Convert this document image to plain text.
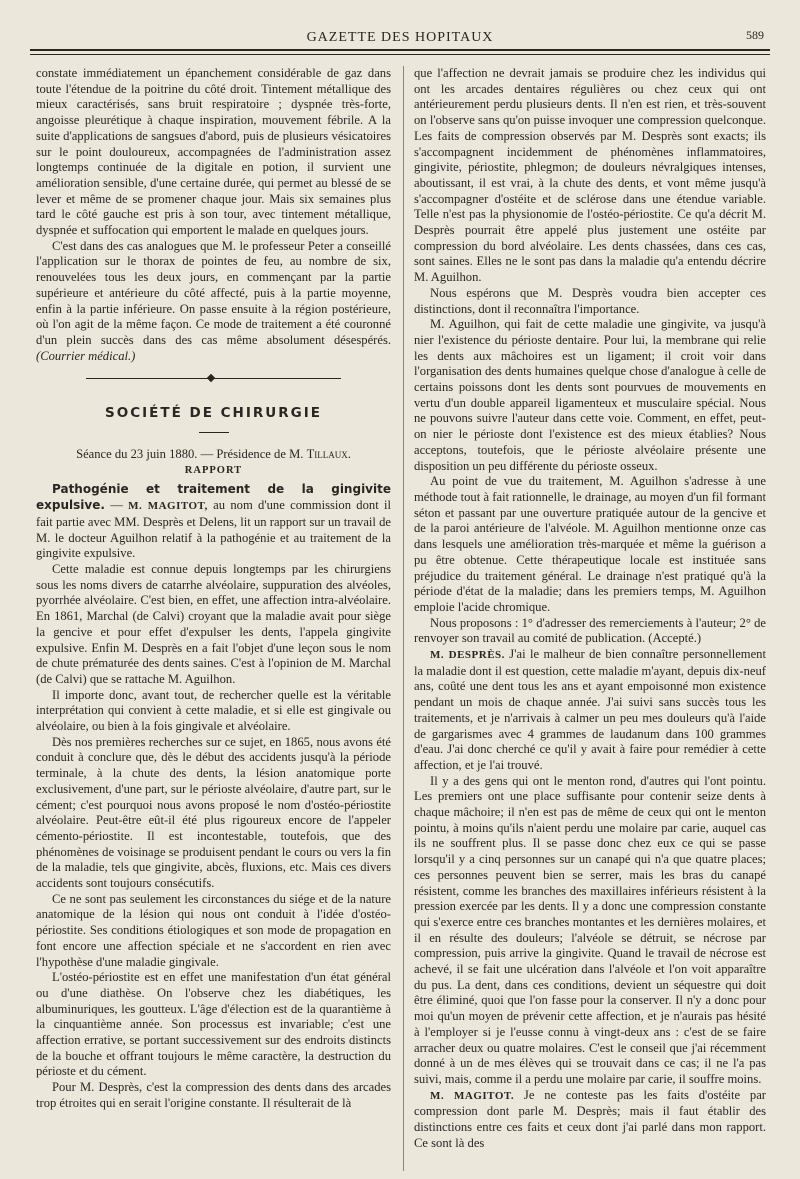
GAZETTE DES HOPITAUX	589

constate immédiatement un épanchement considérable de gaz dans toute l'étendue de la poitrine du côté droit. Tintement métallique des mieux caractérisés, sans bruit respiratoire ; dyspnée très-forte, angoisse pleurétique à chaque inspiration, mouvement fébrile. A la suite d'applications de sangsues d'abord, puis de plusieurs vésicatoires sur le point douloureux, accompagnées de l'administration assez longtemps continuée de la digitale en potion, il survient une amélioration sensible, d'une certaine durée, qui permet au blessé de se lever et même de se promener chaque jour. Mais six semaines plus tard le côté gauche est pris à son tour, avec tintement métallique, dyspnée et suffocation qui emportent le malade en quelques jours.

C'est dans des cas analogues que M. le professeur Peter a conseillé l'application sur le thorax de pointes de feu, au nombre de six, renouvelées tous les deux jours, en commençant par la partie supérieure et antérieure du côté affecté, puis à la partie moyenne, enfin à la partie inférieure. On passe ensuite à la région postérieure, où l'on agit de la même façon. Ce mode de traitement a été couronné d'un plein succès dans des cas même absolument désespérés. (Courrier médical.)

SOCIÉTÉ DE CHIRURGIE

Séance du 23 juin 1880. — Présidence de M. Tillaux.

RAPPORT

Pathogénie et traitement de la gingivite expulsive. — M. MAGITOT, au nom d'une commission dont il fait partie avec MM. Desprès et Delens, lit un rapport sur un travail de M. le docteur Aguilhon relatif à la pathogénie et au traitement de la gingivite expulsive.

Cette maladie est connue depuis longtemps par les chirurgiens sous les noms divers de catarrhe alvéolaire, suppuration des alvéoles, pyorrhée alvéolaire. C'est bien, en effet, une affection intra-alvéolaire. En 1861, Marchal (de Calvi) croyant que la maladie avait pour siège la gencive et pour effet d'expulser les dents, l'appela gingivite expulsive. Enfin M. Desprès en a fait l'objet d'une leçon sous le nom de chute prématurée des dents saines. C'est à l'opinion de M. Marchal (de Calvi) que se rattache M. Aguilhon.

Il importe donc, avant tout, de rechercher quelle est la véritable interprétation qui convient à cette maladie, et si elle est gingivale ou alvéolaire, ou bien à la fois gingivale et alvéolaire.

Dès nos premières recherches sur ce sujet, en 1865, nous avons été conduit à conclure que, dès le début des accidents jusqu'à la période terminale, à la chute des dents, la lésion anatomique porte exclusivement, d'une part, sur le périoste alvéolaire, d'autre part, sur le cément; c'est pourquoi nous avons proposé le nom d'ostéo-périostite alvéolaire. Peut-être eût-il été plus rigoureux encore de l'appeler cémento-périostite. Il est incontestable, toutefois, que des phénomènes de voisinage se produisent pendant le cours ou vers la fin de la maladie, tels que gingivite, abcès, fluxions, etc. Mais ces divers accidents sont toujours consécutifs.

Ce ne sont pas seulement les circonstances du siége et de la nature anatomique de la lésion qui nous ont conduit à l'idée d'ostéo-périostite. Ses conditions étiologiques et son mode de propagation en font encore une affection spéciale et ne s'accordent en rien avec l'hypothèse d'une maladie gingivale.

L'ostéo-périostite est en effet une manifestation d'un état général ou d'une diathèse. On l'observe chez les diabétiques, les albuminuriques, les goutteux. L'âge d'élection est de la quarantième à la cinquantième année. Son processus est invariable; c'est une affection errative, se portant successivement sur des endroits distincts de la bouche et offrant toujours le même caractère, la destruction du périoste et du cément.

Pour M. Desprès, c'est la compression des dents dans des arcades trop étroites qui en serait l'origine constante. Il résulterait de là

que l'affection ne devrait jamais se produire chez les individus qui ont les arcades dentaires régulières ou chez ceux qui ont antérieurement perdu plusieurs dents. Il n'en est rien, et très-souvent on l'observe sans qu'on puisse invoquer une compression quelconque. Les faits de compression observés par M. Desprès sont exacts; ils s'accompagnent incidemment de phénomènes inflammatoires, gingivite, périostite, phlegmon; de douleurs névralgiques intenses, aboutissant, il est vrai, à la chute des dents, et vont même jusqu'à s'accompagner d'ostéite et de sclérose dans une étendue variable. Telle n'est pas la physionomie de l'ostéo-périostite. Ce qu'a décrit M. Desprès pourrait être appelé plus justement une ostéite par compression du bord alvéolaire. Les dents chassées, dans ces cas, sont saines. Elles ne le sont pas dans la maladie qu'a entendu décrire M. Aguilhon.

Nous espérons que M. Desprès voudra bien accepter ces distinctions, dont il reconnaîtra l'importance.

M. Aguilhon, qui fait de cette maladie une gingivite, va jusqu'à nier l'existence du périoste dentaire. Pour lui, la membrane qui relie les dents aux mâchoires est un ligament; il croit voir dans l'organisation des dents humaines quelque chose d'analogue à celle de certains poissons dont les dents sont pourvues de mouvements en vertu d'un double appareil ligamenteux et musculaire spécial. Nous ne pouvons suivre l'auteur dans cette voie. Comment, en effet, peut-on nier le périoste dont l'existence est des mieux établies? Nous acceptons, toutefois, que le périoste alvéolaire présente une disposition un peu différente du périoste osseux.

Au point de vue du traitement, M. Aguilhon s'adresse à une méthode tout à fait rationnelle, le drainage, au moyen d'un fil formant séton et passant par une ouverture pratiquée autour de la gencive et de la paroi antérieure de l'alvéole. M. Aguilhon mentionne onze cas dans lesquels une amélioration très-marquée et même la guérison a pu être obtenue. Cette thérapeutique locale est instituée sans préjudice du traitement général. Le drainage n'est pratiqué qu'à la période d'état de la maladie; dans les premiers temps, M. Aguilhon emploie l'acide chromique.

Nous proposons : 1° d'adresser des remerciements à l'auteur; 2° de renvoyer son travail au comité de publication. (Accepté.)

M. DESPRÈS. J'ai le malheur de bien connaître personnellement la maladie dont il est question, cette maladie m'ayant, depuis dix-neuf ans, coûté une dent tous les ans et ayant empoisonné mon existence pendant un mois de chaque année. J'ai suivi sans succès tous les traitements, et je n'arrivais à calmer un peu mes douleurs qu'à l'aide de gargarismes avec 4 grammes de laudanum dans 100 grammes d'eau. J'ai donc cherché ce qu'il y avait à faire pour remédier à cette affection, et je l'ai trouvé.

Il y a des gens qui ont le menton rond, d'autres qui l'ont pointu. Les premiers ont une place suffisante pour contenir seize dents à chaque mâchoire; il n'en est pas de même de ceux qui ont le menton pointu, à moins qu'ils n'aient perdu une molaire par carie, auquel cas ils ne souffrent plus. Il se passe donc chez eux ce qui se passe lorsqu'il y a cinq personnes sur un canapé qui n'a que quatre places; ces personnes peuvent bien se serrer, mais les bras du canapé résistent, comme les branches des maxillaires inférieurs résistent à la pression exercée par les dents. Il y a donc une compression constante qui s'exerce entre ces branches montantes et les dernières molaires, et il en résulte des douleurs; l'alvéole se détruit, se nécrose par compression, puis arrive la gingivite. Quand le travail de nécrose est achevé, il se fait une ulcération dans l'alvéole et l'on voit apparaître du pus. La dent, dans ces conditions, devient un séquestre qui doit être éliminé, quoi que l'on fasse pour la conserver. Il n'y a donc pour moi qu'un moyen de prévenir cette affection, et je n'aurais pas hésité à l'employer si je l'eusse connu à vingt-deux ans : c'est de se faire arracher deux ou quatre molaires. C'est le conseil que j'ai récemment donné à un de mes élèves qui se trouvait dans ce cas; il ne l'a pas suivi, mais, comme il a perdu une molaire par carie, il souffre moins.

M. MAGITOT. Je ne conteste pas les faits d'ostéite par compression dont parle M. Desprès; mais il faut établir des distinctions entre ces faits et ceux dont j'ai parlé dans mon rapport. Ce sont là des
